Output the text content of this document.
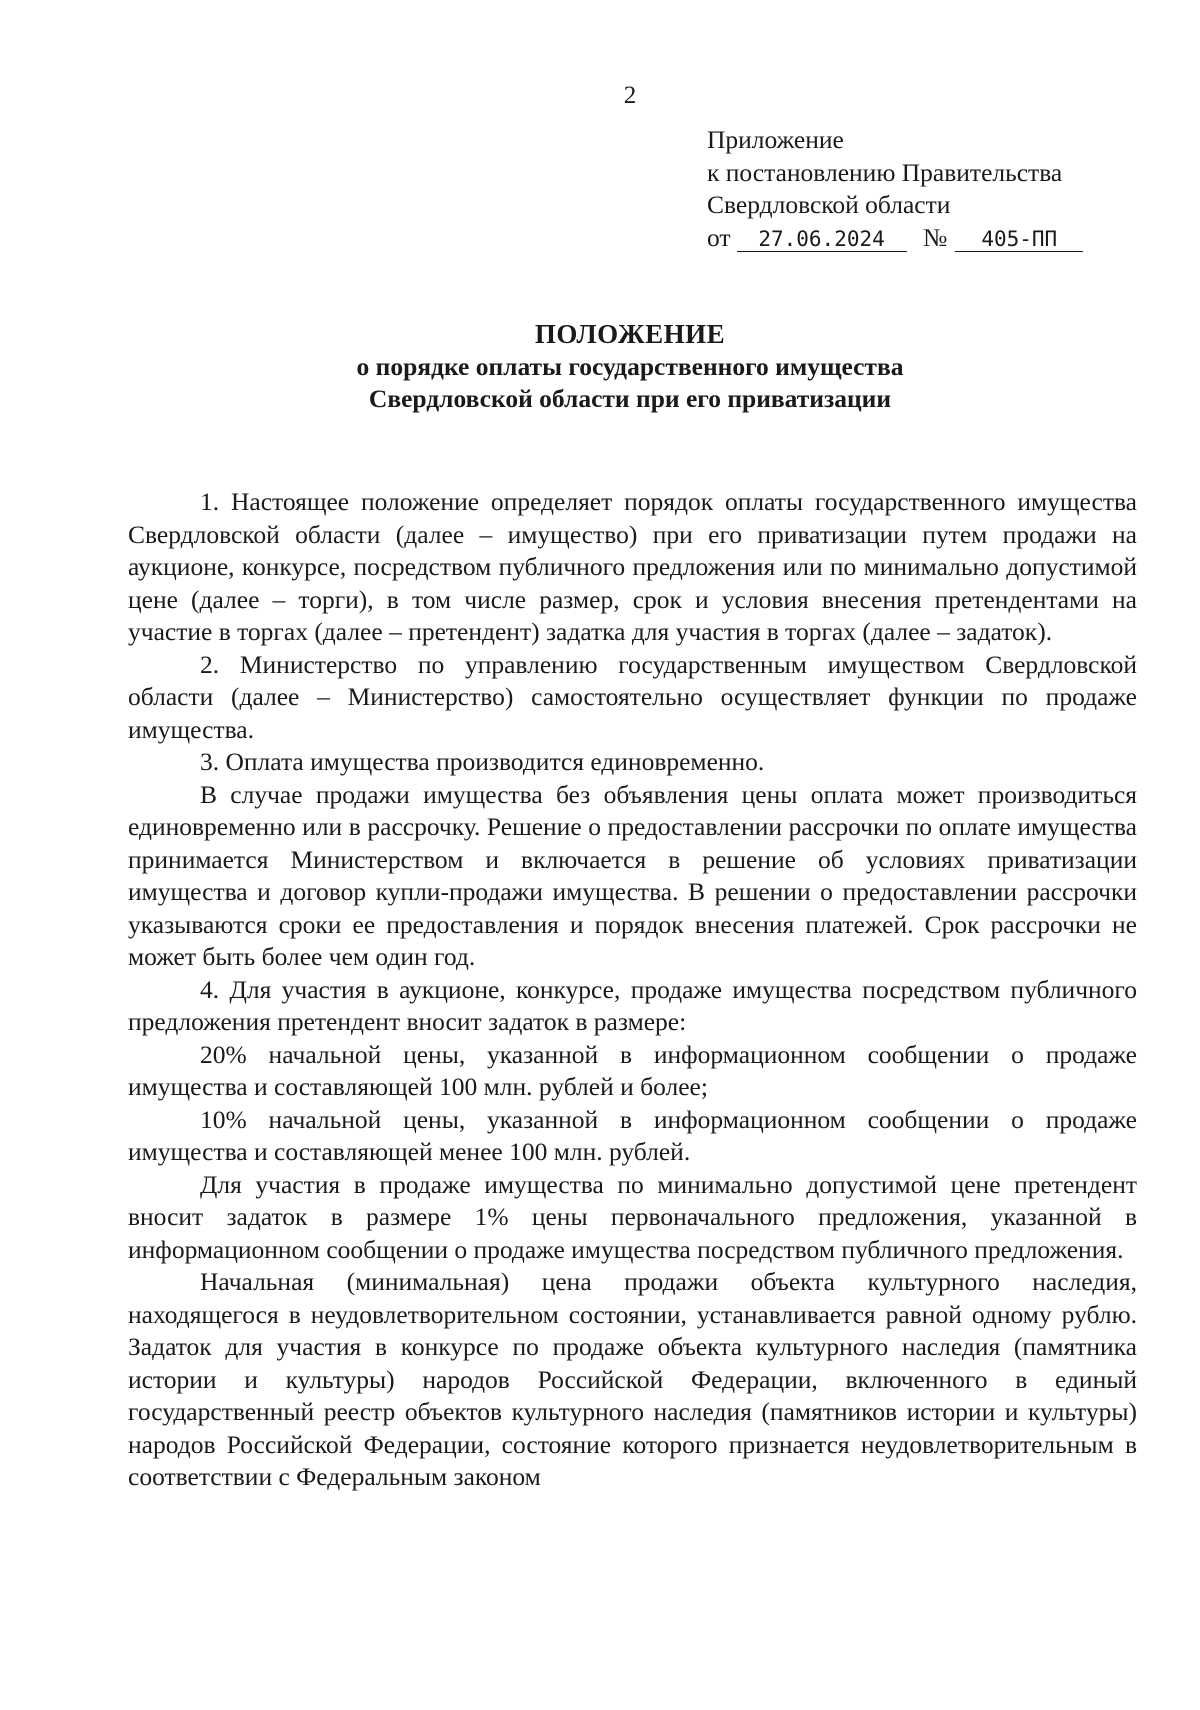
2
Приложение
к постановлению Правительства
Свердловской области
от 27.06.2024 № 405-ПП
ПОЛОЖЕНИЕ
о порядке оплаты государственного имущества
Свердловской области при его приватизации

1. Настоящее положение определяет порядок оплаты государственного имущества Свердловской области (далее – имущество) при его приватизации путем продажи на аукционе, конкурсе, посредством публичного предложения или по минимально допустимой цене (далее – торги), в том числе размер, срок и условия внесения претендентами на участие в торгах (далее – претендент) задатка для участия в торгах (далее – задаток).

2. Министерство по управлению государственным имуществом Свердловской области (далее – Министерство) самостоятельно осуществляет функции по продаже имущества.

3. Оплата имущества производится единовременно.

В случае продажи имущества без объявления цены оплата может производиться единовременно или в рассрочку. Решение о предоставлении рассрочки по оплате имущества принимается Министерством и включается в решение об условиях приватизации имущества и договор купли-продажи имущества. В решении о предоставлении рассрочки указываются сроки ее предоставления и порядок внесения платежей. Срок рассрочки не может быть более чем один год.

4. Для участия в аукционе, конкурсе, продаже имущества посредством публичного предложения претендент вносит задаток в размере:

20% начальной цены, указанной в информационном сообщении о продаже имущества и составляющей 100 млн. рублей и более;

10% начальной цены, указанной в информационном сообщении о продаже имущества и составляющей менее 100 млн. рублей.

Для участия в продаже имущества по минимально допустимой цене претендент вносит задаток в размере 1% цены первоначального предложения, указанной в информационном сообщении о продаже имущества посредством публичного предложения.

Начальная (минимальная) цена продажи объекта культурного наследия, находящегося в неудовлетворительном состоянии, устанавливается равной одному рублю. Задаток для участия в конкурсе по продаже объекта культурного наследия (памятника истории и культуры) народов Российской Федерации, включенного в единый государственный реестр объектов культурного наследия (памятников истории и культуры) народов Российской Федерации, состояние которого признается неудовлетворительным в соответствии с Федеральным законом
